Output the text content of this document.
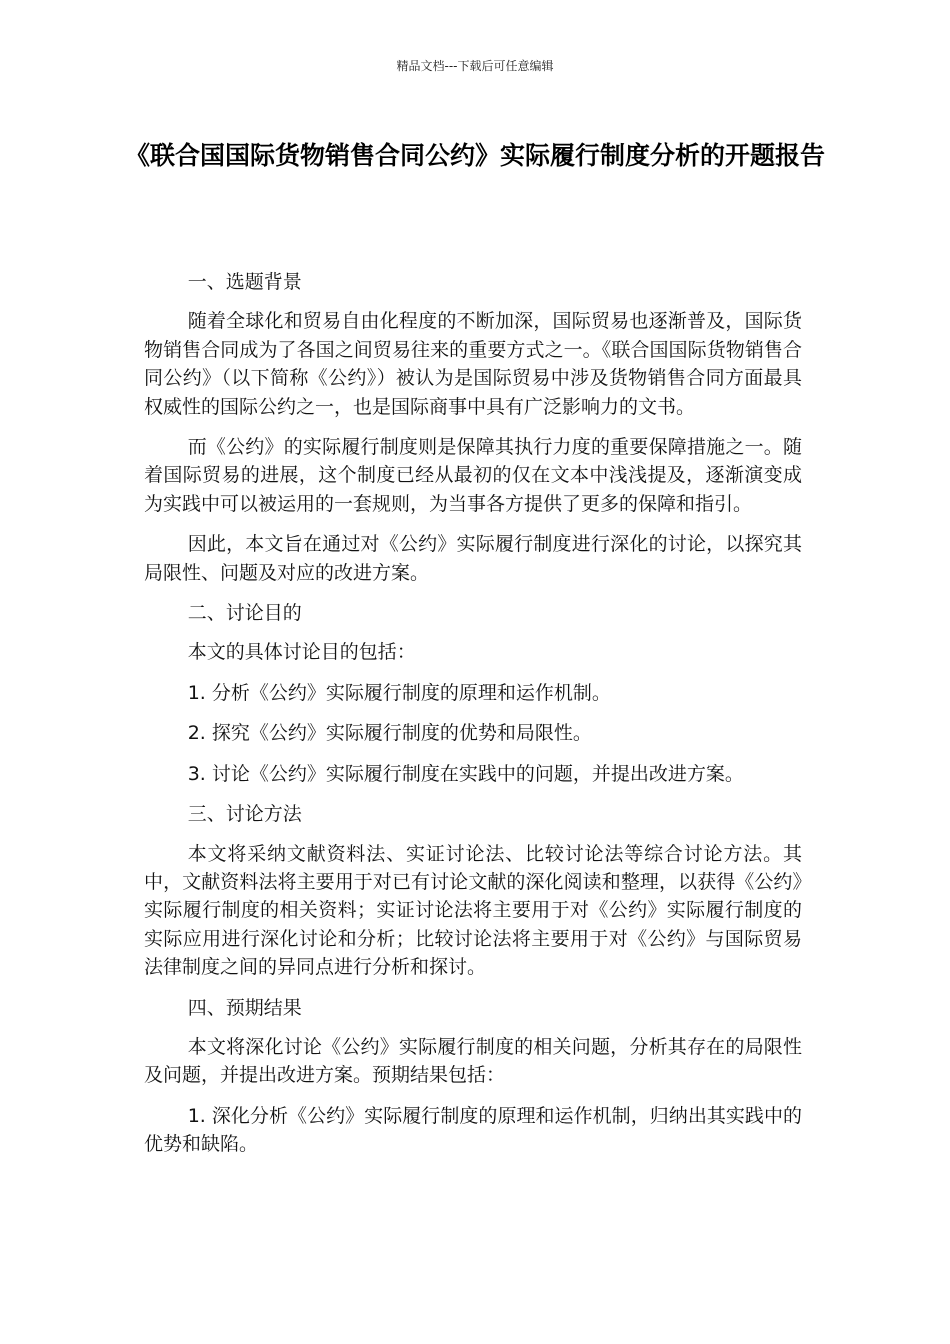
精品文档---下载后可任意编辑
《联合国国际货物销售合同公约》实际履行制度分析的开题报告

一、选题背景

随着全球化和贸易自由化程度的不断加深，国际贸易也逐渐普及，国际货物销售合同成为了各国之间贸易往来的重要方式之一。《联合国国际货物销售合同公约》（以下简称《公约》）被认为是国际贸易中涉及货物销售合同方面最具权威性的国际公约之一，也是国际商事中具有广泛影响力的文书。

而《公约》的实际履行制度则是保障其执行力度的重要保障措施之一。随着国际贸易的进展，这个制度已经从最初的仅在文本中浅浅提及，逐渐演变成为实践中可以被运用的一套规则，为当事各方提供了更多的保障和指引。

因此，本文旨在通过对《公约》实际履行制度进行深化的讨论，以探究其局限性、问题及对应的改进方案。

二、讨论目的

本文的具体讨论目的包括：

1. 分析《公约》实际履行制度的原理和运作机制。

2. 探究《公约》实际履行制度的优势和局限性。

3. 讨论《公约》实际履行制度在实践中的问题，并提出改进方案。

三、讨论方法

本文将采纳文献资料法、实证讨论法、比较讨论法等综合讨论方法。其中，文献资料法将主要用于对已有讨论文献的深化阅读和整理，以获得《公约》实际履行制度的相关资料；实证讨论法将主要用于对《公约》实际履行制度的实际应用进行深化讨论和分析；比较讨论法将主要用于对《公约》与国际贸易法律制度之间的异同点进行分析和探讨。

四、预期结果

本文将深化讨论《公约》实际履行制度的相关问题，分析其存在的局限性及问题，并提出改进方案。预期结果包括：

1. 深化分析《公约》实际履行制度的原理和运作机制，归纳出其实践中的优势和缺陷。
